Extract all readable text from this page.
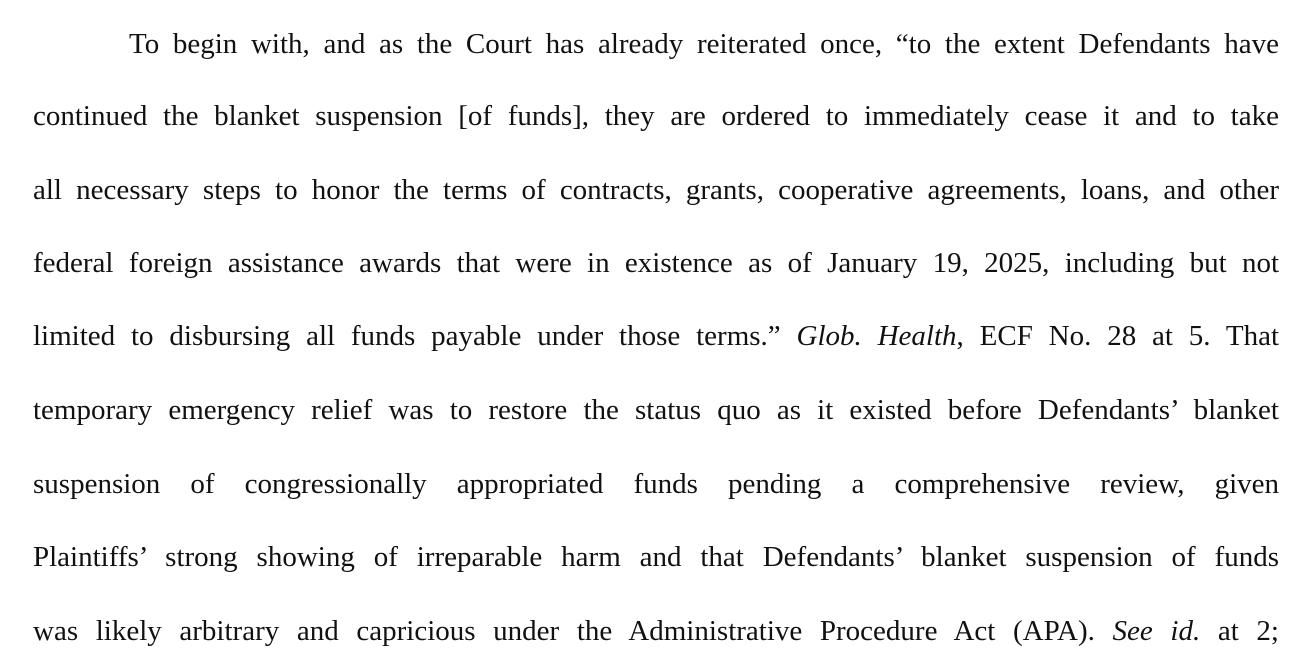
To begin with, and as the Court has already reiterated once, “to the extent Defendants have
continued the blanket suspension [of funds], they are ordered to immediately cease it and to take
all necessary steps to honor the terms of contracts, grants, cooperative agreements, loans, and other
federal foreign assistance awards that were in existence as of January 19, 2025, including but not
limited to disbursing all funds payable under those terms.” Glob. Health, ECF No. 28 at 5. That
temporary emergency relief was to restore the status quo as it existed before Defendants’ blanket
suspension of congressionally appropriated funds pending a comprehensive review, given
Plaintiffs’ strong showing of irreparable harm and that Defendants’ blanket suspension of funds
was likely arbitrary and capricious under the Administrative Procedure Act (APA). See id. at 2;
